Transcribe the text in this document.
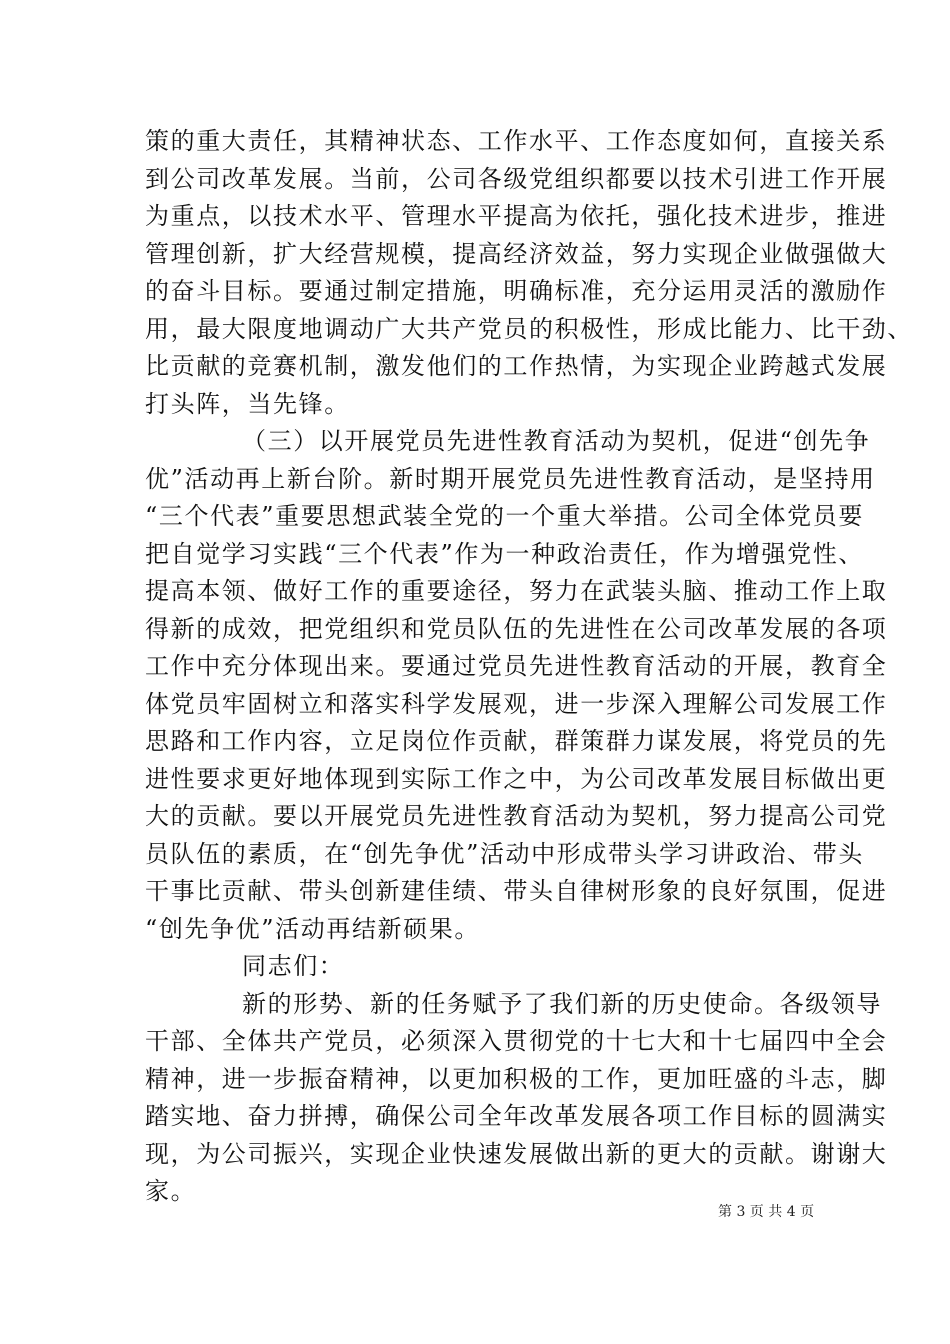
策的重大责任，其精神状态、工作水平、工作态度如何，直接关系
到公司改革发展。当前，公司各级党组织都要以技术引进工作开展
为重点，以技术水平、管理水平提高为依托，强化技术进步，推进
管理创新，扩大经营规模，提高经济效益，努力实现企业做强做大
的奋斗目标。要通过制定措施，明确标准，充分运用灵活的激励作
用，最大限度地调动广大共产党员的积极性，形成比能力、比干劲、
比贡献的竞赛机制，激发他们的工作热情，为实现企业跨越式发展
打头阵，当先锋。
（三）以开展党员先进性教育活动为契机，促进“创先争
优”活动再上新台阶。新时期开展党员先进性教育活动，是坚持用
“三个代表”重要思想武装全党的一个重大举措。公司全体党员要
把自觉学习实践“三个代表”作为一种政治责任，作为增强党性、
提高本领、做好工作的重要途径，努力在武装头脑、推动工作上取
得新的成效，把党组织和党员队伍的先进性在公司改革发展的各项
工作中充分体现出来。要通过党员先进性教育活动的开展，教育全
体党员牢固树立和落实科学发展观，进一步深入理解公司发展工作
思路和工作内容，立足岗位作贡献，群策群力谋发展，将党员的先
进性要求更好地体现到实际工作之中，为公司改革发展目标做出更
大的贡献。要以开展党员先进性教育活动为契机，努力提高公司党
员队伍的素质，在“创先争优”活动中形成带头学习讲政治、带头
干事比贡献、带头创新建佳绩、带头自律树形象的良好氛围，促进
“创先争优”活动再结新硕果。
同志们：
新的形势、新的任务赋予了我们新的历史使命。各级领导
干部、全体共产党员，必须深入贯彻党的十七大和十七届四中全会
精神，进一步振奋精神，以更加积极的工作，更加旺盛的斗志，脚
踏实地、奋力拼搏，确保公司全年改革发展各项工作目标的圆满实
现，为公司振兴，实现企业快速发展做出新的更大的贡献。谢谢大
家。
第 3 页 共 4 页
